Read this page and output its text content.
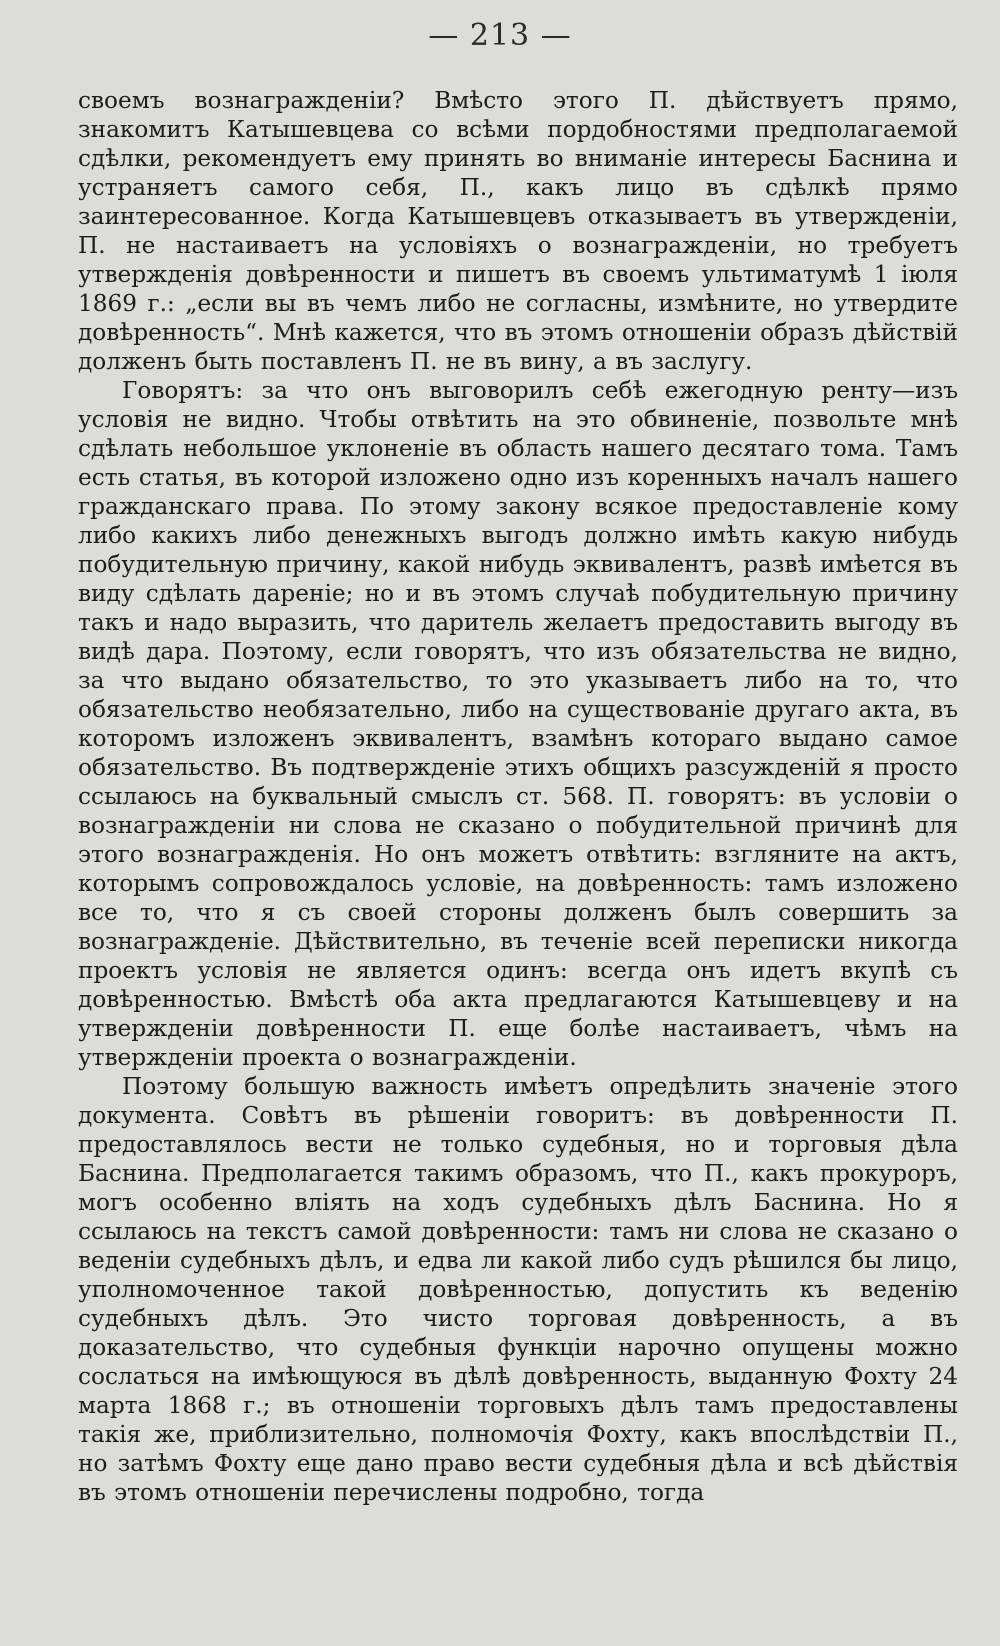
— 213 —

своемъ вознагражденіи? Вмѣсто этого П. дѣйствуетъ прямо, знакомитъ Катышевцева со всѣми пордобностями предполагаемой сдѣлки, рекомендуетъ ему принять во вниманіе интересы Баснина и устраняетъ самого себя, П., какъ лицо въ сдѣлкѣ прямо заинтересованное. Когда Катышевцевъ отказываетъ въ утвержденіи, П. не настаиваетъ на условіяхъ о вознагражденіи, но требуетъ утвержденія довѣренности и пишетъ въ своемъ ультиматумѣ 1 іюля 1869 г.: „если вы въ чемъ либо не согласны, измѣните, но утвердите довѣренность“. Мнѣ кажется, что въ этомъ отношеніи образъ дѣйствій долженъ быть поставленъ П. не въ вину, а въ заслугу.

Говорятъ: за что онъ выговорилъ себѣ ежегодную ренту—изъ условія не видно. Чтобы отвѣтить на это обвиненіе, позвольте мнѣ сдѣлать небольшое уклоненіе въ область нашего десятаго тома. Тамъ есть статья, въ которой изложено одно изъ коренныхъ началъ нашего гражданскаго права. По этому закону всякое предоставленіе кому либо какихъ либо денежныхъ выгодъ должно имѣть какую нибудь побудительную причину, какой нибудь эквивалентъ, развѣ имѣется въ виду сдѣлать дареніе; но и въ этомъ случаѣ побудительную причину такъ и надо выразить, что даритель желаетъ предоставить выгоду въ видѣ дара. Поэтому, если говорятъ, что изъ обязательства не видно, за что выдано обязательство, то это указываетъ либо на то, что обязательство необязательно, либо на существованіе другаго акта, въ которомъ изложенъ эквивалентъ, взамѣнъ котораго выдано самое обязательство. Въ подтвержденіе этихъ общихъ разсужденій я просто ссылаюсь на буквальный смыслъ ст. 568. П. говорятъ: въ условіи о вознагражденіи ни слова не сказано о побудительной причинѣ для этого вознагражденія. Но онъ можетъ отвѣтить: взгляните на актъ, которымъ сопровождалось условіе, на довѣренность: тамъ изложено все то, что я съ своей стороны долженъ былъ совершить за вознагражденіе. Дѣйствительно, въ теченіе всей переписки никогда проектъ условія не является одинъ: всегда онъ идетъ вкупѣ съ довѣренностью. Вмѣстѣ оба акта предлагаются Катышевцеву и на утвержденіи довѣренности П. еще болѣе настаиваетъ, чѣмъ на утвержденіи проекта о вознагражденіи.

Поэтому большую важность имѣетъ опредѣлить значеніе этого документа. Совѣтъ въ рѣшеніи говоритъ: въ довѣренности П. предоставлялось вести не только судебныя, но и торговыя дѣла Баснина. Предполагается такимъ образомъ, что П., какъ прокуроръ, могъ особенно вліять на ходъ судебныхъ дѣлъ Баснина. Но я ссылаюсь на текстъ самой довѣренности: тамъ ни слова не сказано о веденіи судебныхъ дѣлъ, и едва ли какой либо судъ рѣшился бы лицо, уполномоченное такой довѣренностью, допустить къ веденію судебныхъ дѣлъ. Это чисто торговая довѣренность, а въ доказательство, что судебныя функціи нарочно опущены можно сослаться на имѣющуюся въ дѣлѣ довѣренность, выданную Фохту 24 марта 1868 г.; въ отношеніи торговыхъ дѣлъ тамъ предоставлены такія же, приблизительно, полномочія Фохту, какъ впослѣдствіи П., но затѣмъ Фохту еще дано право вести судебныя дѣла и всѣ дѣйствія въ этомъ отношеніи перечислены подробно, тогда
